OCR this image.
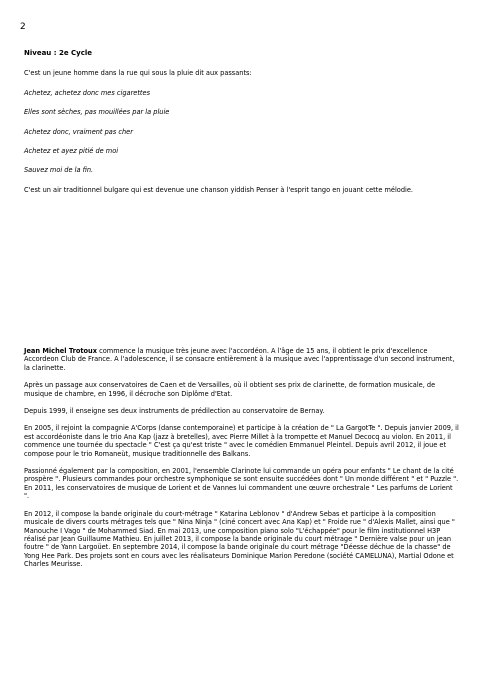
2
Niveau : 2e Cycle

C'est un jeune homme dans la rue qui sous la pluie dit aux passants:

Achetez, achetez donc mes cigarettes

Elles sont sèches, pas mouillées par la pluie

Achetez donc, vraiment pas cher

Achetez et ayez pitié de moi

Sauvez moi de la fin.

C'est un air traditionnel bulgare qui est devenue une chanson yiddish Penser à l'esprit tango en jouant cette mélodie.

Jean Michel Trotoux commence la musique très jeune avec l'accordéon. A l'âge de 15 ans, il obtient le prix d'excellence Accordeon Club de France. A l'adolescence, il se consacre entièrement à la musique avec l'apprentissage d'un second instrument, la clarinette.

Après un passage aux conservatoires de Caen et de Versailles, où il obtient ses prix de clarinette, de formation musicale, de musique de chambre, en 1996, il décroche son Diplôme d'Etat.

Depuis 1999, il enseigne ses deux instruments de prédilection au conservatoire de Bernay.

En 2005, il rejoint la compagnie A'Corps (danse contemporaine) et participe à la création de " La GargotTe ". Depuis janvier 2009, il est accordéoniste dans le trio Ana Kap (jazz à bretelles), avec Pierre Millet à la trompette et Manuel Decocq au violon. En 2011, il commence une tournée du spectacle " C'est ça qu'est triste " avec le comédien Emmanuel Pleintel. Depuis avril 2012, il joue et compose pour le trio Romaneùt, musique traditionnelle des Balkans.

Passionné également par la composition, en 2001, l'ensemble Clarinote lui commande un opéra pour enfants " Le chant de la cité prospère ". Plusieurs commandes pour orchestre symphonique se sont ensuite succédées dont " Un monde différent " et " Puzzle ". En 2011, les conservatoires de musique de Lorient et de Vannes lui commandent une œuvre orchestrale " Les parfums de Lorient ".

En 2012, il compose la bande originale du court-métrage " Katarina Leblonov " d'Andrew Sebas et participe à la composition musicale de divers courts métrages tels que " Nina Ninja " (ciné concert avec Ana Kap) et " Froide rue " d'Alexis Mallet, ainsi que " Manouche I Vago " de Mohammed Siad. En mai 2013, une composition piano solo "L'échappée" pour le film institutionnel H3P réalisé par Jean Guillaume Mathieu. En juillet 2013, il compose la bande originale du court métrage " Dernière valse pour un jean foutre " de Yann Largoüet. En septembre 2014, il compose la bande originale du court métrage "Déesse déchue de la chasse" de Yong Hee Park. Des projets sont en cours avec les réalisateurs Dominique Marion Peredone (société CAMELUNA), Martial Odone et Charles Meurisse.
